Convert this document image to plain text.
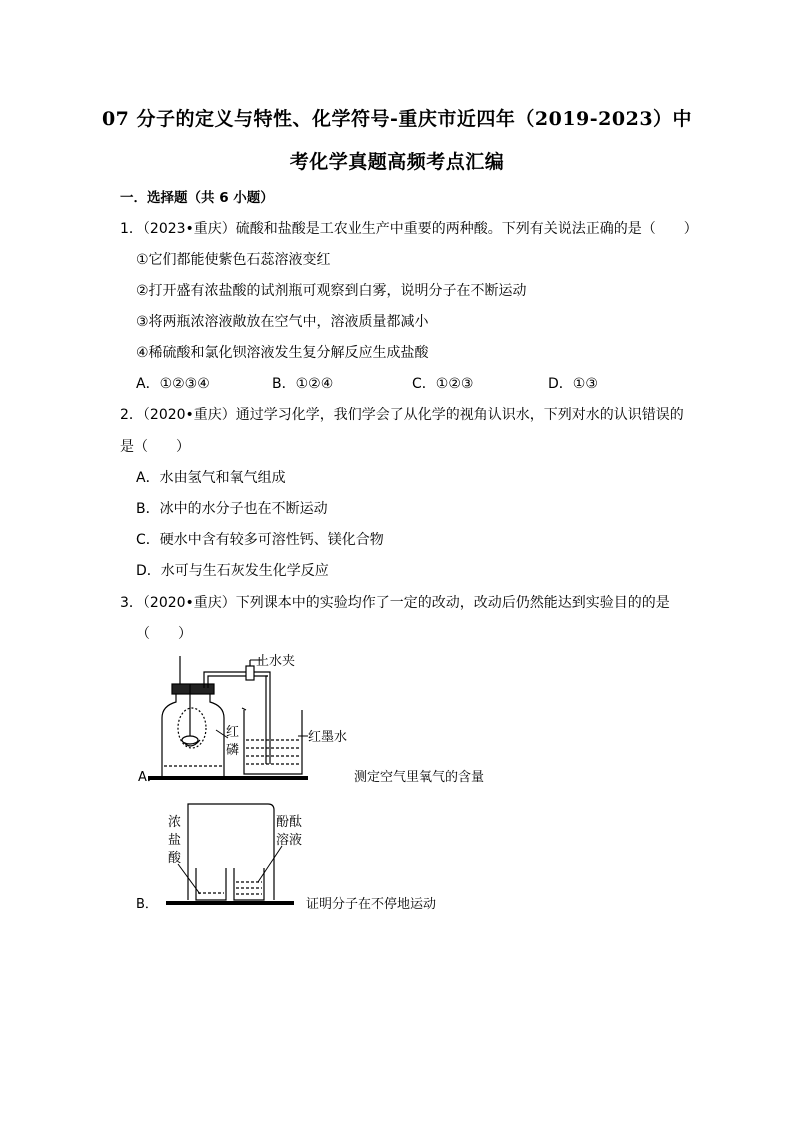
07 分子的定义与特性、化学符号-重庆市近四年（2019-2023）中
考化学真题高频考点汇编
一．选择题（共 6 小题）
1．（2023•重庆）硫酸和盐酸是工农业生产中重要的两种酸。下列有关说法正确的是（　　）
①它们都能使紫色石蕊溶液变红
②打开盛有浓盐酸的试剂瓶可观察到白雾，说明分子在不断运动
③将两瓶浓溶液敞放在空气中，溶液质量都减小
④稀硫酸和氯化钡溶液发生复分解反应生成盐酸
A．①②③④	B．①②④	C．①②③	D．①③
2．（2020•重庆）通过学习化学，我们学会了从化学的视角认识水，下列对水的认识错误的
是（　　）
A．水由氢气和氧气组成
B．冰中的水分子也在不断运动
C．硬水中含有较多可溶性钙、镁化合物
D．水可与生石灰发生化学反应
3．（2020•重庆）下列课本中的实验均作了一定的改动，改动后仍然能达到实验目的的是
（　　）
止水夹
红
磷
红墨水
A．	测定空气里氧气的含量
浓
盐
酸
酚酞
溶液
B．	证明分子在不停地运动
